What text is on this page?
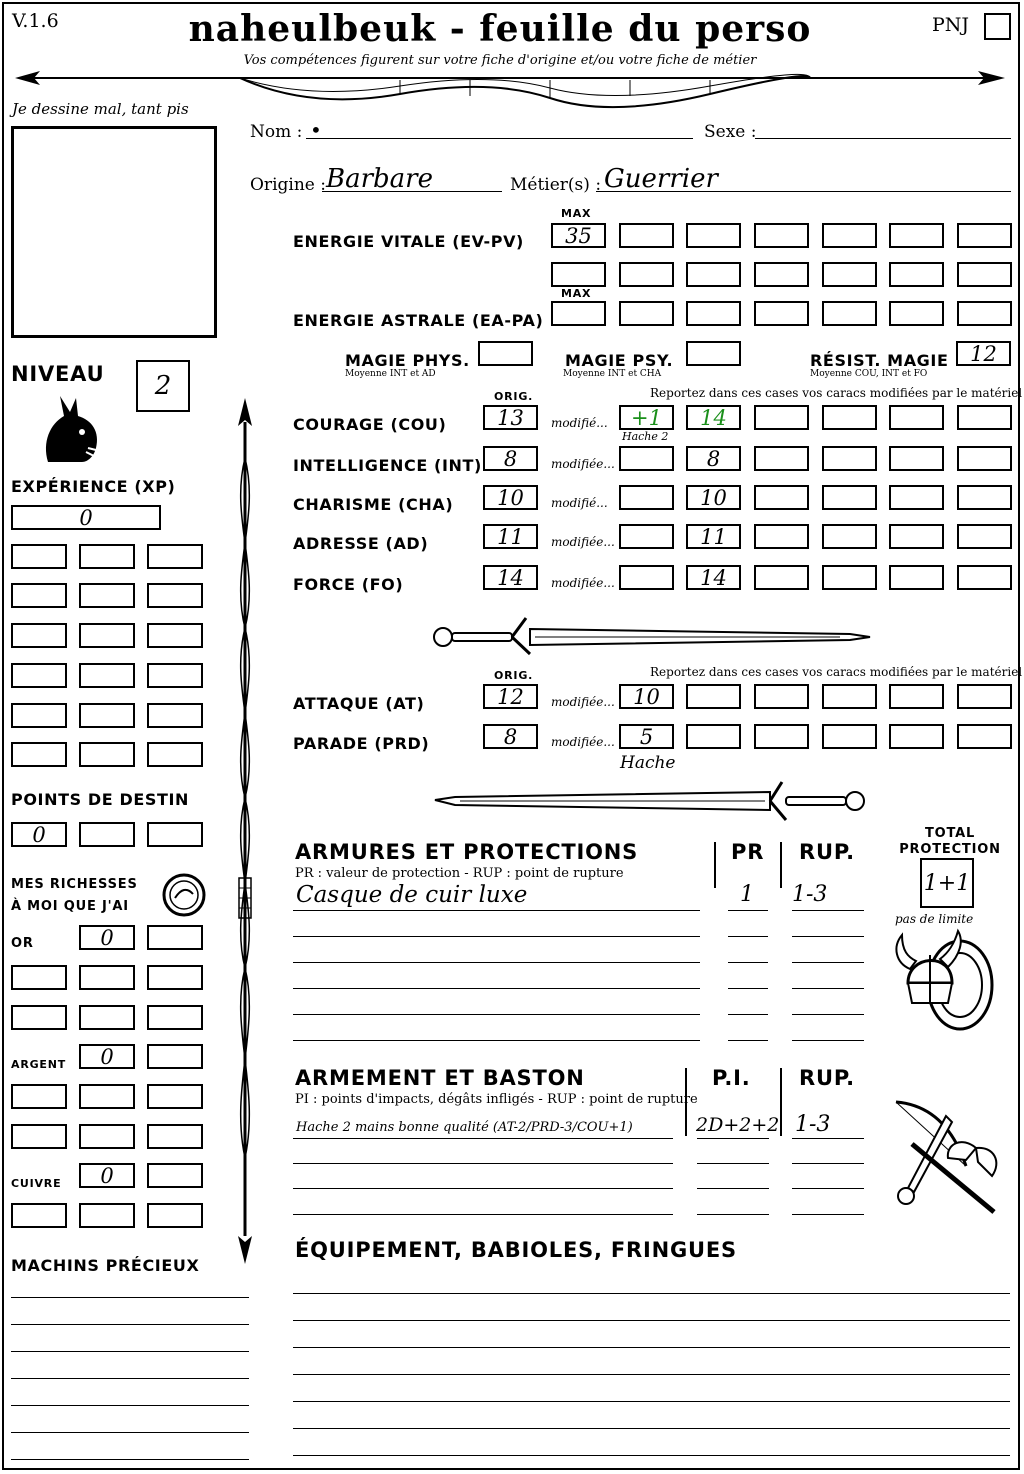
V.1.6	naheulbeuk - feuille du perso
Vos compétences figurent sur votre fiche d'origine et/ou votre fiche de métier
PNJ
Je dessine mal, tant pis
Nom : •	Sexe :
Origine : Barbare	Métier(s) : Guerrier
MAX
ENERGIE VITALE (EV-PV)	35
MAX
ENERGIE ASTRALE (EA-PA)
MAGIE PHYS.
Moyenne INT et AD
MAGIE PSY.
Moyenne INT et CHA
RÉSIST. MAGIE
Moyenne COU, INT et FO
12
ORIG.	Reportez dans ces cases vos caracs modifiées par le matériel
COURAGE (COU)	13	modifié...	+1	14
Hache 2
INTELLIGENCE (INT)	8	modifiée...	8
CHARISME (CHA)	10	modifié...	10
ADRESSE (AD)	11	modifiée...	11
FORCE (FO)	14	modifiée...	14
ORIG.	Reportez dans ces cases vos caracs modifiées par le matériel
ATTAQUE (AT)	12	modifiée... 10
PARADE (PRD)	8	modifiée...	5
Hache
NIVEAU	2
EXPÉRIENCE (XP)
0
POINTS DE DESTIN
0
MES RICHESSES
À MOI QUE J'AI
OR	0
ARGENT	0
CUIVRE	0
MACHINS PRÉCIEUX
ARMURES ET PROTECTIONS
PR : valeur de protection - RUP : point de rupture
PR RUP.
Casque de cuir luxe	1	1-3
TOTAL
PROTECTION
1+1
pas de limite
ARMEMENT ET BASTON
PI : points d'impacts, dégâts infligés - RUP : point de rupture
P.I. RUP.
Hache 2 mains bonne qualité (AT-2/PRD-3/COU+1)	2D+2+2 1-3
ÉQUIPEMENT, BABIOLES, FRINGUES
